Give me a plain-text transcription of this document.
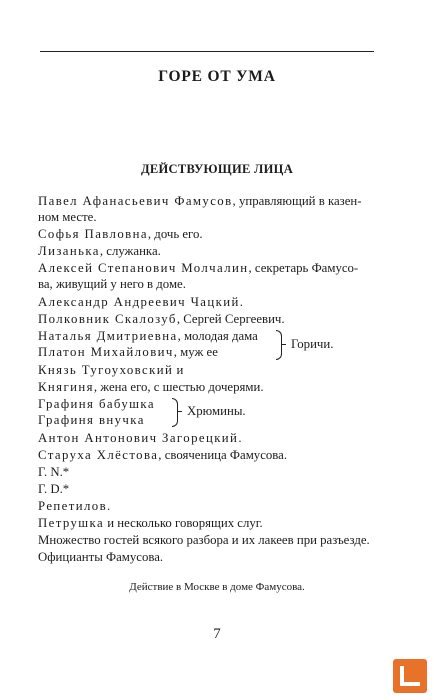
ГОРЕ ОТ УМА
ДЕЙСТВУЮЩИЕ ЛИЦА
Павел Афанасьевич Фамусов, управляющий в казен-
ном месте.
Софья Павловна, дочь его.
Лизанька, служанка.
Алексей Степанович Молчалин, секретарь Фамусо-
ва, живущий у него в доме.
Александр Андреевич Чацкий.
Полковник Скалозуб, Сергей Сергеевич.
Наталья Дмитриевна, молодая дама
Платон Михайлович, муж ее
Князь Тугоуховский и
Княгиня, жена его, с шестью дочерями.
Графиня бабушка
Графиня внучка
Антон Антонович Загорецкий.
Старуха Хлёстова, свояченица Фамусова.
Г. N.*
Г. D.*
Репетилов.
Петрушка и несколько говорящих слуг.
Множество гостей всякого разбора и их лакеев при разъезде.
Официанты Фамусова.
Горичи.
Хрюмины.
Действие в Москве в доме Фамусова.
7
